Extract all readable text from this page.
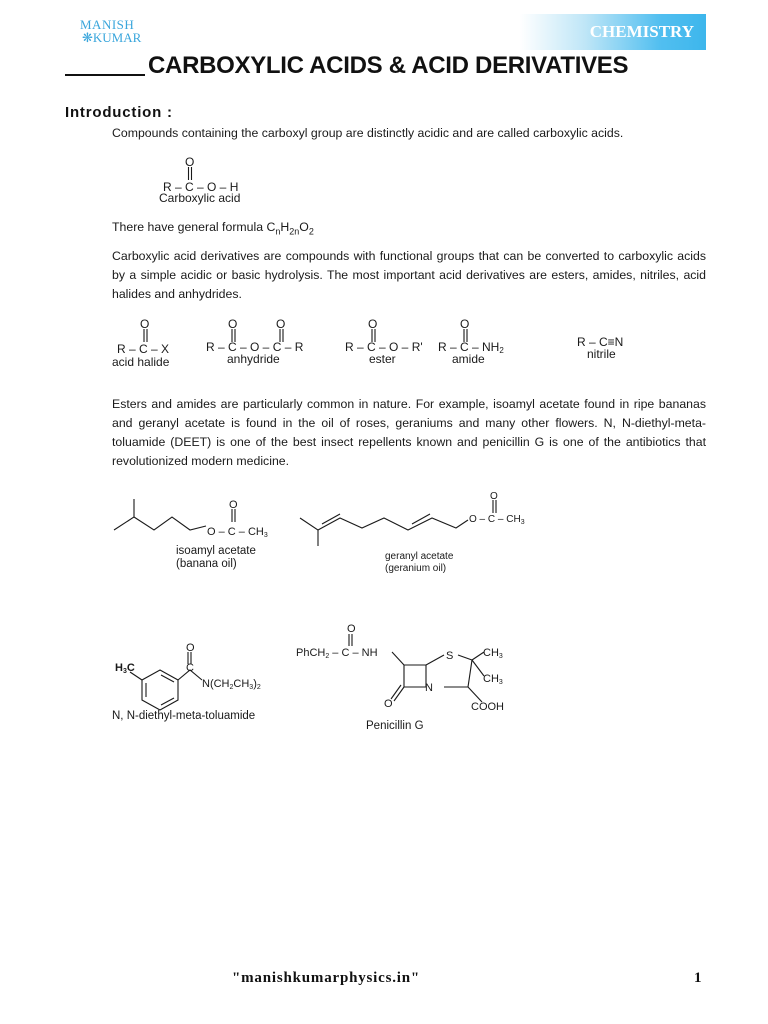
MANISH
❋KUMAR	CHEMISTRY
CARBOXYLIC ACIDS & ACID DERIVATIVES
Introduction :
Compounds containing the carboxyl group are distinctly acidic and are called carboxylic acids.
There have general formula $C_nH_{2n}O_2$
Carboxylic acid derivatives are compounds with functional groups that can be converted to carboxylic acids by a simple acidic or basic hydrolysis. The most important acid derivatives are esters, amides, nitriles, acid halides and anhydrides.
Esters and amides are particularly common in nature. For example, isoamyl acetate found in ripe bananas and geranyl acetate is found in the oil of roses, geraniums and many other flowers. N, N-diethyl-meta-toluamide (DEET) is one of the best insect repellents known and penicillin G is one of the antibiotics that revolutionized modern medicine.
O
R – C – O – H
Carboxylic acid
O
R – C – X
acid halide
O	O
R – C – O – C – R
anhydride
O
R – C – O – R'
ester
O
R – C – NH2
amide
R – C≡N
nitrile
O
O – C – CH3
isoamyl acetate
(banana oil)
O
O – C – $CH_3$
geranyl acetate
(geranium oil)
O
C
H3C
N(CH2CH3)2
N, N-diethyl-meta-toluamide
O
PhCH2 – C – NH	S
N
O
CH3
CH3
COOH
Penicillin G
"manishkumarphysics.in"	1
